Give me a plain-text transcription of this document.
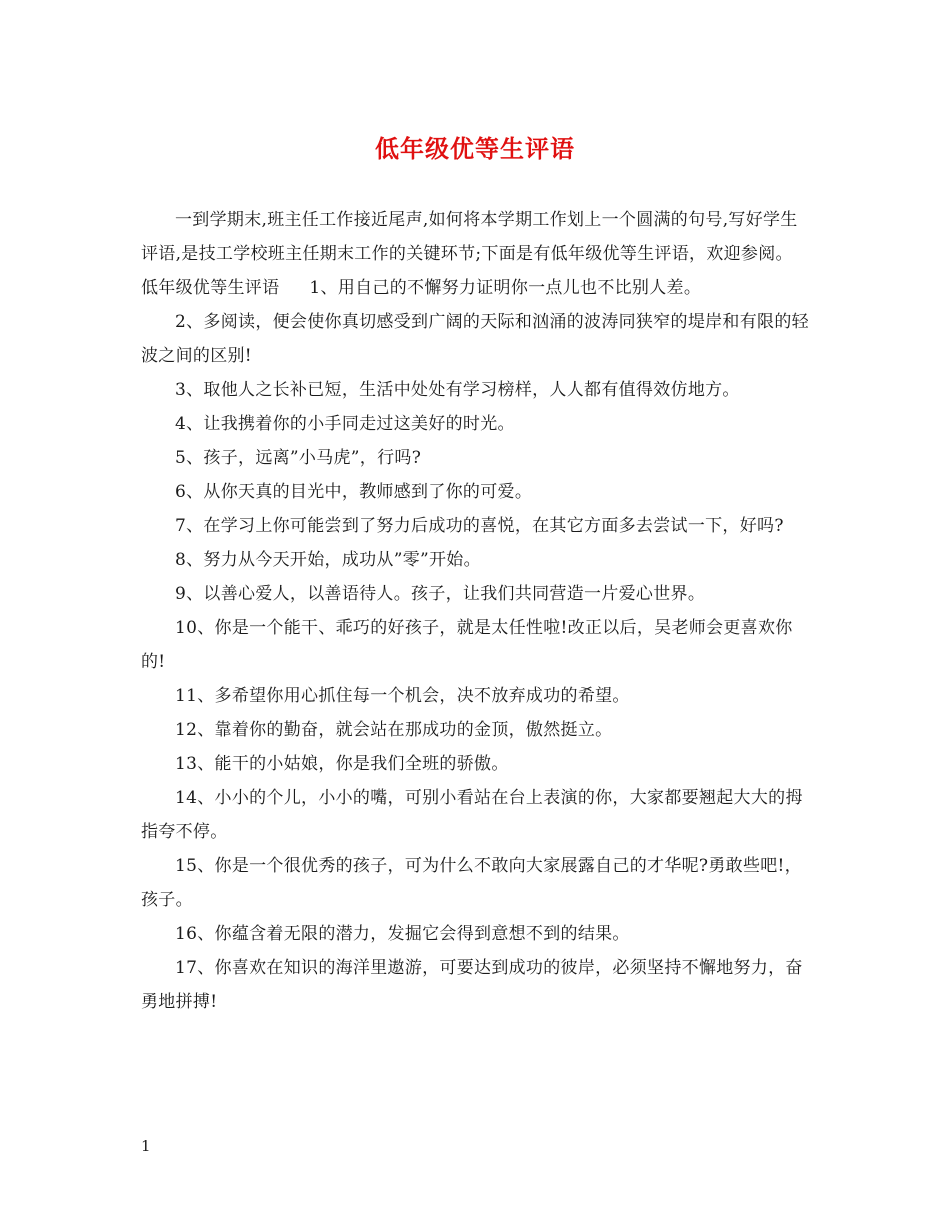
低年级优等生评语

一到学期末,班主任工作接近尾声,如何将本学期工作划上一个圆满的句号,写好学生评语,是技工学校班主任期末工作的关键环节;下面是有低年级优等生评语，欢迎参阅。

低年级优等生评语 1、用自己的不懈努力证明你一点儿也不比别人差。

2、多阅读，便会使你真切感受到广阔的天际和汹涌的波涛同狭窄的堤岸和有限的轻波之间的区别!

3、取他人之长补已短，生活中处处有学习榜样，人人都有值得效仿地方。

4、让我携着你的小手同走过这美好的时光。

5、孩子，远离”小马虎”，行吗?

6、从你天真的目光中，教师感到了你的可爱。

7、在学习上你可能尝到了努力后成功的喜悦，在其它方面多去尝试一下，好吗?

8、努力从今天开始，成功从”零”开始。

9、以善心爱人，以善语待人。孩子，让我们共同营造一片爱心世界。

10、你是一个能干、乖巧的好孩子，就是太任性啦!改正以后，吴老师会更喜欢你的!

11、多希望你用心抓住每一个机会，决不放弃成功的希望。

12、靠着你的勤奋，就会站在那成功的金顶，傲然挺立。

13、能干的小姑娘，你是我们全班的骄傲。

14、小小的个儿，小小的嘴，可别小看站在台上表演的你，大家都要翘起大大的拇指夸不停。

15、你是一个很优秀的孩子，可为什么不敢向大家展露自己的才华呢?勇敢些吧!，孩子。

16、你蕴含着无限的潜力，发掘它会得到意想不到的结果。

17、你喜欢在知识的海洋里遨游，可要达到成功的彼岸，必须坚持不懈地努力，奋勇地拼搏!

1
